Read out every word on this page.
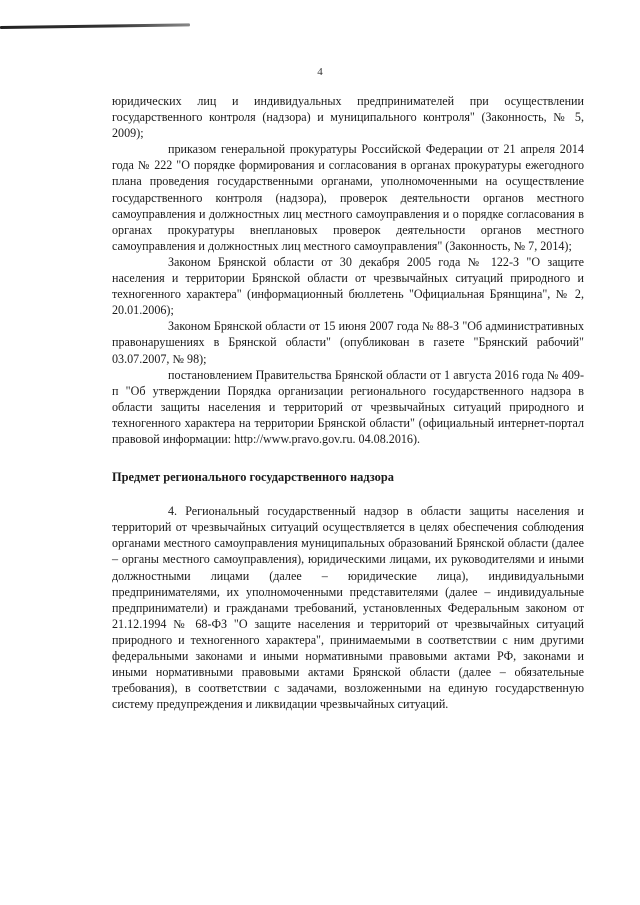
4

юридических лиц и индивидуальных предпринимателей при осуществлении государственного контроля (надзора) и муниципального контроля" (Законность, № 5, 2009);

приказом генеральной прокуратуры Российской Федерации от 21 апреля 2014 года № 222 "О порядке формирования и согласования в органах прокуратуры ежегодного плана проведения государственными органами, уполномоченными на осуществление государственного контроля (надзора), проверок деятельности органов местного самоуправления и должностных лиц местного самоуправления и о порядке согласования в органах прокуратуры внеплановых проверок деятельности органов местного самоуправления и должностных лиц местного самоуправления" (Законность, № 7, 2014);

Законом Брянской области от 30 декабря 2005 года № 122-З "О защите населения и территории Брянской области от чрезвычайных ситуаций природного и техногенного характера" (информационный бюллетень "Официальная Брянщина", № 2, 20.01.2006);

Законом Брянской области от 15 июня 2007 года № 88-З "Об административных правонарушениях в Брянской области" (опубликован в газете "Брянский рабочий" 03.07.2007, № 98);

постановлением Правительства Брянской области от 1 августа 2016 года № 409-п "Об утверждении Порядка организации регионального государственного надзора в области защиты населения и территорий от чрезвычайных ситуаций природного и техногенного характера на территории Брянской области" (официальный интернет-портал правовой информации: http://www.pravo.gov.ru. 04.08.2016).

Предмет регионального государственного надзора

4. Региональный государственный надзор в области защиты населения и территорий от чрезвычайных ситуаций осуществляется в целях обеспечения соблюдения органами местного самоуправления муниципальных образований Брянской области (далее – органы местного самоуправления), юридическими лицами, их руководителями и иными должностными лицами (далее – юридические лица), индивидуальными предпринимателями, их уполномоченными представителями (далее – индивидуальные предприниматели) и гражданами требований, установленных Федеральным законом от 21.12.1994 № 68-ФЗ "О защите населения и территорий от чрезвычайных ситуаций природного и техногенного характера", принимаемыми в соответствии с ним другими федеральными законами и иными нормативными правовыми актами РФ, законами и иными нормативными правовыми актами Брянской области (далее – обязательные требования), в соответствии с задачами, возложенными на единую государственную систему предупреждения и ликвидации чрезвычайных ситуаций.
